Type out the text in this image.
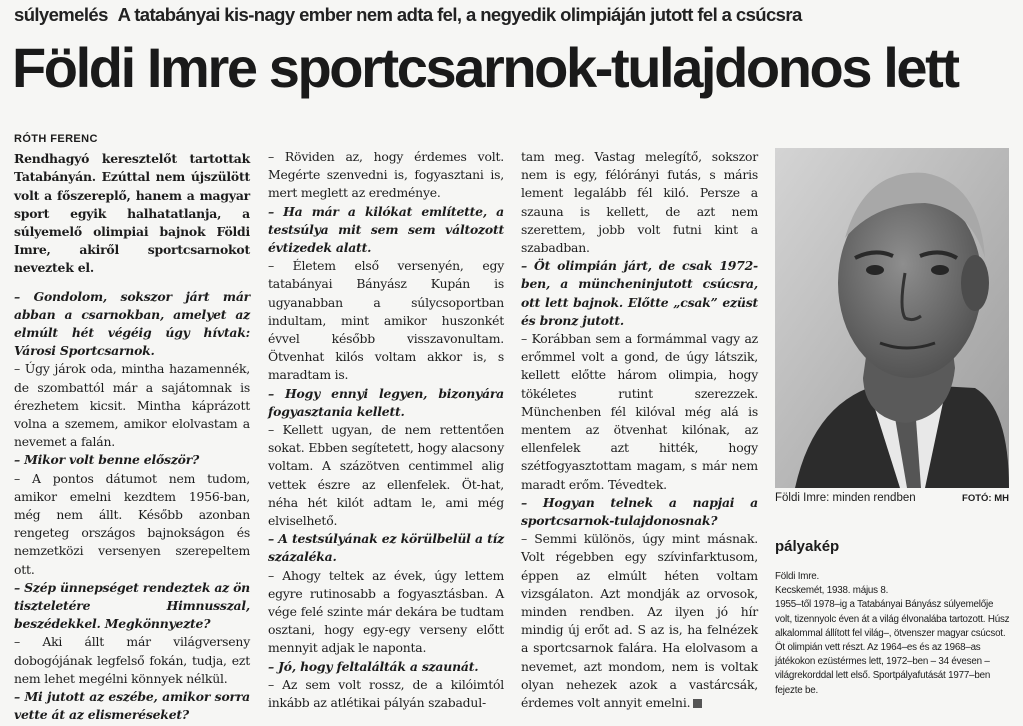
súlyemelés A tatabányai kis-nagy ember nem adta fel, a negyedik olimpiáján jutott fel a csúcsra
Földi Imre sportcsarnok-tulajdonos lett
RÓTH FERENC

Rendhagyó keresztelőt tartottak Tatabányán. Ezúttal nem újszülött volt a főszereplő, hanem a magyar sport egyik halhatatlanja, a súlyemelő olimpiai bajnok Földi Imre, akiről sportcsarnokot neveztek el.

– Gondolom, sokszor járt már abban a csarnokban, amelyet az elmúlt hét végéig úgy hívtak: Városi Sportcsarnok.

– Úgy járok oda, mintha hazamennék, de szombattól már a sajátomnak is érezhetem kicsit. Mintha káprázott volna a szemem, amikor elolvastam a nevemet a falán.

– Mikor volt benne először?

– A pontos dátumot nem tudom, amikor emelni kezdtem 1956-ban, még nem állt. Később azonban rengeteg országos bajnokságon és nemzetközi versenyen szerepeltem ott.

– Szép ünnepséget rendeztek az ön tiszteletére Himnusszal, beszédekkel. Megkönnyezte?

– Aki állt már világverseny dobogójának legfelső fokán, tudja, ezt nem lehet megélni könnyek nélkül.

– Mi jutott az eszébe, amikor sorra vette át az elismeréseket?

– Röviden az, hogy érdemes volt. Megérte szenvedni is, fogyasztani is, mert meglett az eredménye.

– Ha már a kilókat említette, a testsúlya mit sem sem változott évtizedek alatt.

– Életem első versenyén, egy tatabányai Bányász Kupán is ugyanabban a súlycsoportban indultam, mint amikor huszonkét évvel később visszavonultam. Ötvenhat kilós voltam akkor is, s maradtam is.

– Hogy ennyi legyen, bizonyára fogyasztania kellett.

– Kellett ugyan, de nem rettentően sokat. Ebben segítetett, hogy alacsony voltam. A százötven centimmel alig vettek észre az ellenfelek. Öt-hat, néha hét kilót adtam le, ami még elviselhető.

– A testsúlyának ez körülbelül a tíz százaléka.

– Ahogy teltek az évek, úgy lettem egyre rutinosabb a fogyasztásban. A vége felé szinte már dekára be tudtam osztani, hogy egy-egy verseny előtt mennyit adjak le naponta.

– Jó, hogy feltalálták a szaunát.

– Az sem volt rossz, de a kilóimtól inkább az atlétikai pályán szabadul-

tam meg. Vastag melegítő, sokszor nem is egy, félórányi futás, s máris lement legalább fél kiló. Persze a szauna is kellett, de azt nem szerettem, jobb volt futni kint a szabadban.

– Öt olimpián járt, de csak 1972-ben, a müncheninjutott csúcsra, ott lett bajnok. Előtte „csak” ezüst és bronz jutott.

– Korábban sem a formámmal vagy az erőmmel volt a gond, de úgy látszik, kellett előtte három olimpia, hogy tökéletes rutint szerezzek. Münchenben fél kilóval még alá is mentem az ötvenhat kilónak, az ellenfelek azt hitték, hogy szétfogyasztottam magam, s már nem maradt erőm. Tévedtek.

– Hogyan telnek a napjai a sportcsarnok-tulajdonosnak?

– Semmi különös, úgy mint másnak. Volt régebben egy szívinfarktusom, éppen az elmúlt héten voltam vizsgálaton. Azt mondják az orvosok, minden rendben. Az ilyen jó hír mindig új erőt ad. S az is, ha felnézek a sportcsarnok falára. Ha elolvasom a nevemet, azt mondom, nem is voltak olyan nehezek azok a vastárcsák, érdemes volt annyit emelni.

Földi Imre: minden rendben	FOTÓ: MH
pályakép

Földi Imre.

Kecskemét, 1938. május 8.

1955–től 1978–ig a Tatabányai Bányász súlyemelője volt, tizennyolc éven át a világ élvonalába tartozott. Húsz alkalommal állított fel világ–, ötvenszer magyar csúcsot. Öt olimpián vett részt. Az 1964–es és az 1968–as játékokon ezüstérmes lett, 1972–ben – 34 évesen – világrekorddal lett első. Sportpályafutását 1977–ben fejezte be.
